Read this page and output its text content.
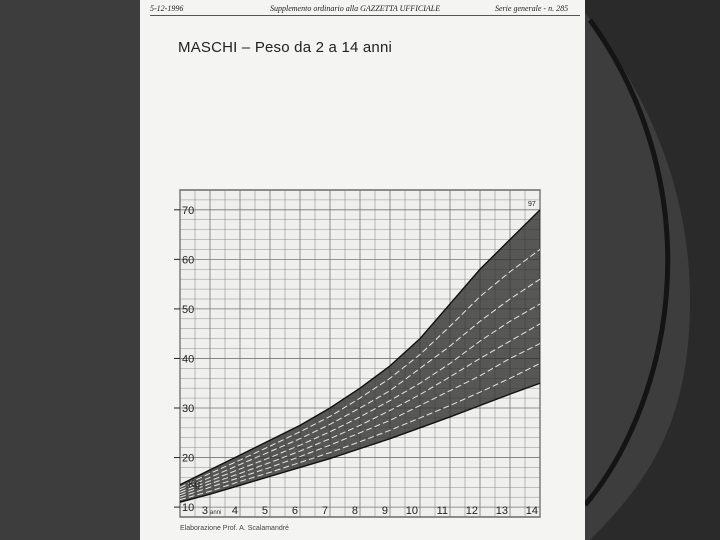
5-12-1996	Supplemento ordinario alla GAZZETTA UFFICIALE	Serie generale - n. 285
MASCHI – Peso da 2 a 14 anni
10
20
30
40
50
60
70
3 4 5 6 7 8 9 10 11 12 13 14
Kg
anni
97
Elaborazione Prof. A. Scalamandré
